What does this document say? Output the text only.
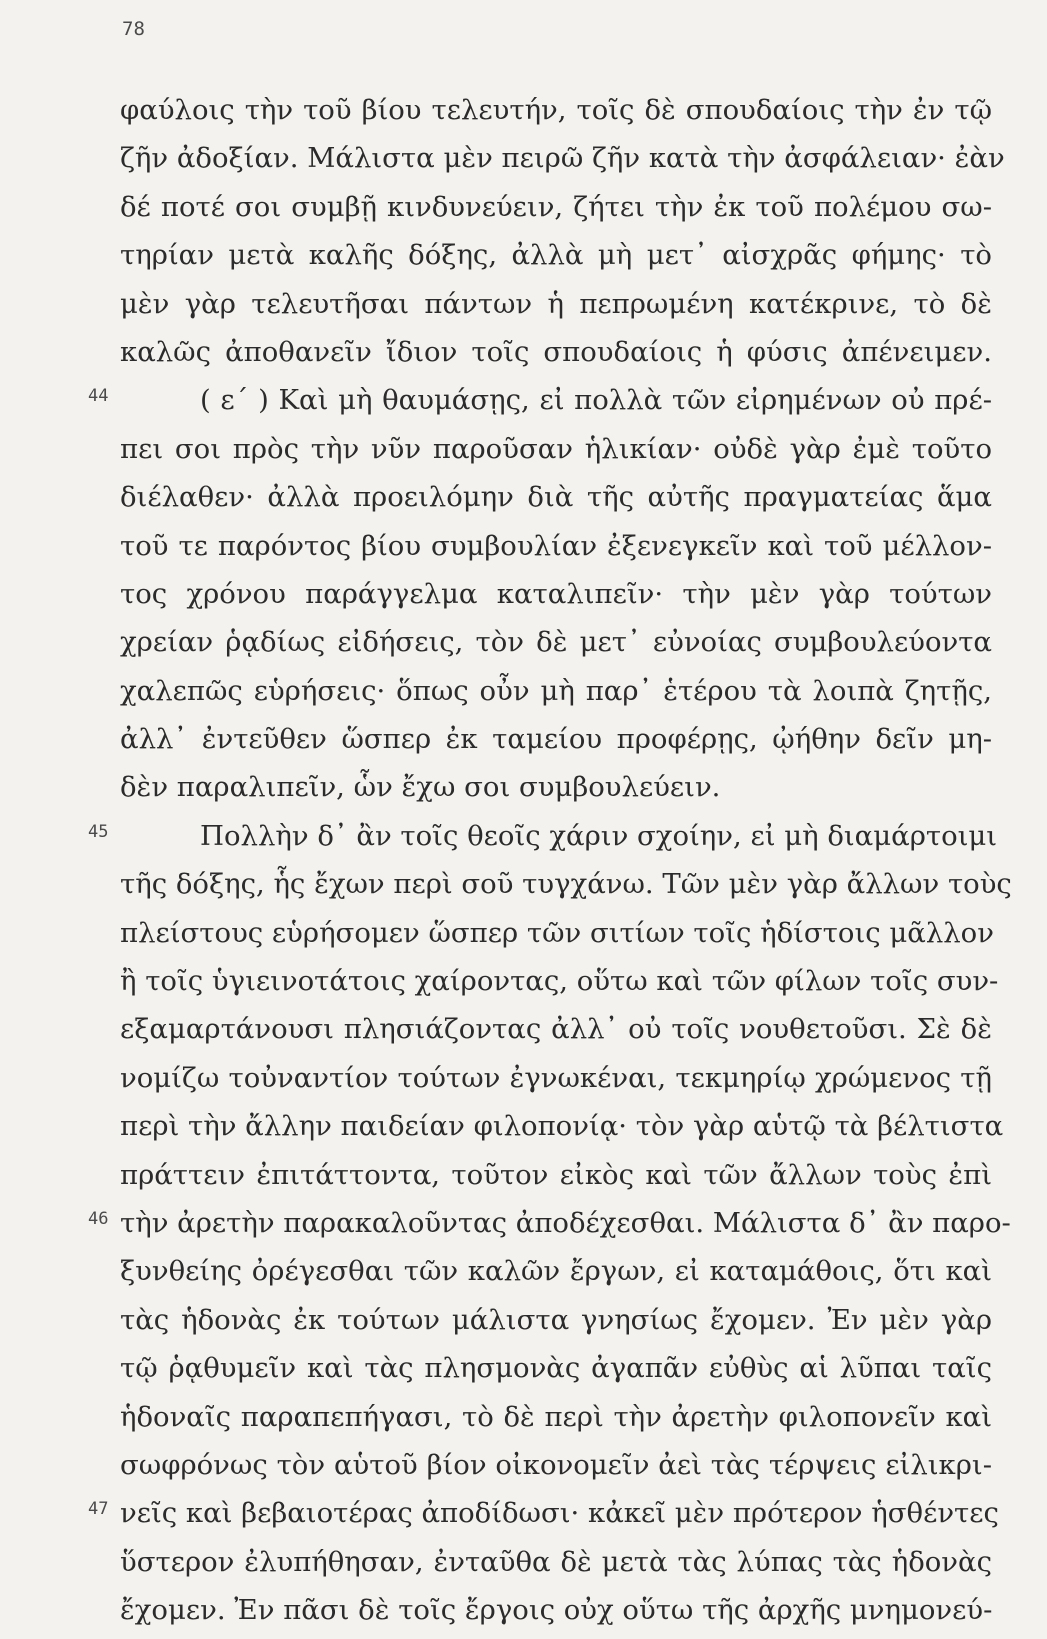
78
φαύλοις τὴν τοῦ βίου τελευτήν, τοῖς δὲ σπουδαίοις τὴν ἐν τῷ
ζῆν ἀδοξίαν. Μάλιστα μὲν πειρῶ ζῆν κατὰ τὴν ἀσφάλειαν· ἐὰν
δέ ποτέ σοι συμβῇ κινδυνεύειν, ζήτει τὴν ἐκ τοῦ πολέμου σω-
τηρίαν μετὰ καλῆς δόξης, ἀλλὰ μὴ μετ᾽ αἰσχρᾶς φήμης· τὸ
μὲν γὰρ τελευτῆσαι πάντων ἡ πεπρωμένη κατέκρινε, τὸ δὲ
καλῶς ἀποθανεῖν ἴδιον τοῖς σπουδαίοις ἡ φύσις ἀπένειμεν.
44	( ε΄ ) Καὶ μὴ θαυμάσῃς, εἰ πολλὰ τῶν εἰρημένων οὐ πρέ-
πει σοι πρὸς τὴν νῦν παροῦσαν ἡλικίαν· οὐδὲ γὰρ ἐμὲ τοῦτο
διέλαθεν· ἀλλὰ προειλόμην διὰ τῆς αὐτῆς πραγματείας ἅμα
τοῦ τε παρόντος βίου συμβουλίαν ἐξενεγκεῖν καὶ τοῦ μέλλον-
τος χρόνου παράγγελμα καταλιπεῖν· τὴν μὲν γὰρ τούτων
χρείαν ῥᾳδίως εἰδήσεις, τὸν δὲ μετ᾽ εὐνοίας συμβουλεύοντα
χαλεπῶς εὑρήσεις· ὅπως οὖν μὴ παρ᾽ ἑτέρου τὰ λοιπὰ ζητῇς,
ἀλλ᾽ ἐντεῦθεν ὥσπερ ἐκ ταμείου προφέρῃς, ᾠήθην δεῖν μη-
δὲν παραλιπεῖν, ὧν ἔχω σοι συμβουλεύειν.
45	Πολλὴν δ᾽ ἂν τοῖς θεοῖς χάριν σχοίην, εἰ μὴ διαμάρτοιμι
τῆς δόξης, ἧς ἔχων περὶ σοῦ τυγχάνω. Τῶν μὲν γὰρ ἄλλων τοὺς
πλείστους εὑρήσομεν ὥσπερ τῶν σιτίων τοῖς ἡδίστοις μᾶλλον
ἢ τοῖς ὑγιεινοτάτοις χαίροντας, οὕτω καὶ τῶν φίλων τοῖς συν-
εξαμαρτάνουσι πλησιάζοντας ἀλλ᾽ οὐ τοῖς νουθετοῦσι. Σὲ δὲ
νομίζω τοὐναντίον τούτων ἐγνωκέναι, τεκμηρίῳ χρώμενος τῇ
περὶ τὴν ἄλλην παιδείαν φιλοπονίᾳ· τὸν γὰρ αὑτῷ τὰ βέλτιστα
πράττειν ἐπιτάττοντα, τοῦτον εἰκὸς καὶ τῶν ἄλλων τοὺς ἐπὶ
46 τὴν ἀρετὴν παρακαλοῦντας ἀποδέχεσθαι. Μάλιστα δ᾽ ἂν παρο-
ξυνθείης ὀρέγεσθαι τῶν καλῶν ἔργων, εἰ καταμάθοις, ὅτι καὶ
τὰς ἡδονὰς ἐκ τούτων μάλιστα γνησίως ἔχομεν. Ἐν μὲν γὰρ
τῷ ῥᾳθυμεῖν καὶ τὰς πλησμονὰς ἀγαπᾶν εὐθὺς αἱ λῦπαι ταῖς
ἡδοναῖς παραπεπήγασι, τὸ δὲ περὶ τὴν ἀρετὴν φιλοπονεῖν καὶ
σωφρόνως τὸν αὑτοῦ βίον οἰκονομεῖν ἀεὶ τὰς τέρψεις εἰλικρι-
47 νεῖς καὶ βεβαιοτέρας ἀποδίδωσι· κἀκεῖ μὲν πρότερον ἡσθέντες
ὕστερον ἐλυπήθησαν, ἐνταῦθα δὲ μετὰ τὰς λύπας τὰς ἡδονὰς
ἔχομεν. Ἐν πᾶσι δὲ τοῖς ἔργοις οὐχ οὕτω τῆς ἀρχῆς μνημονεύ-
